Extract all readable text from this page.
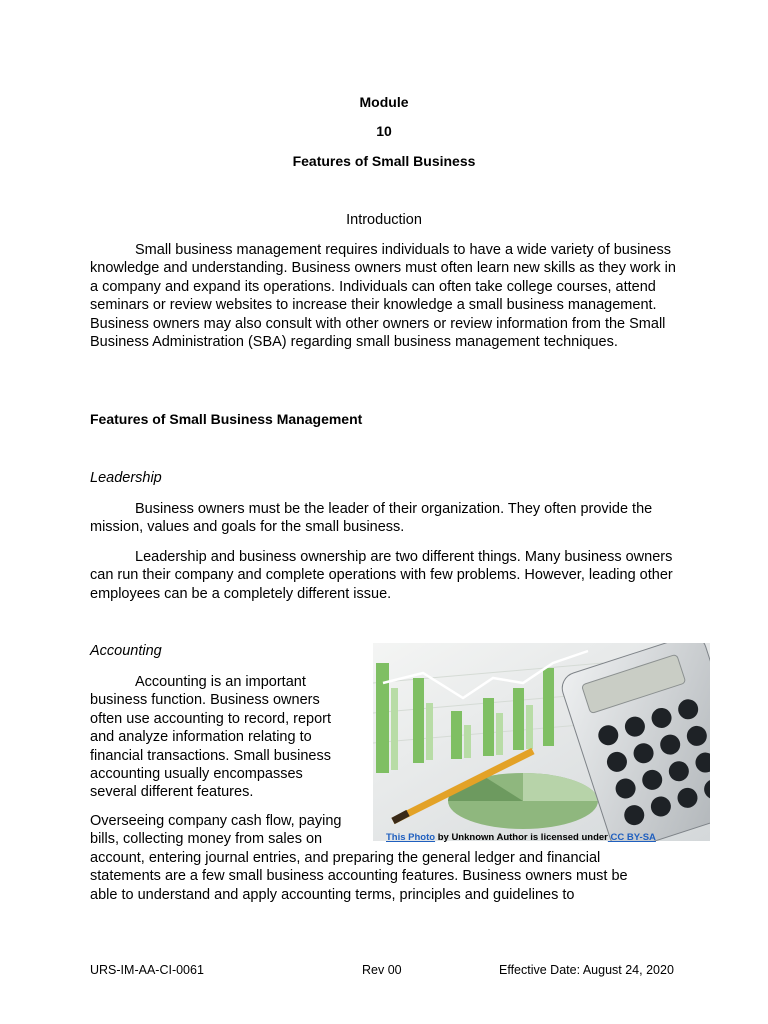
Module
10
Features of Small Business
Introduction
Small business management requires individuals to have a wide variety of business knowledge and understanding. Business owners must often learn new skills as they work in a company and expand its operations. Individuals can often take college courses, attend seminars or review websites to increase their knowledge a small business management. Business owners may also consult with other owners or review information from the Small Business Administration (SBA) regarding small business management techniques.
Features of Small Business Management
Leadership
Business owners must be the leader of their organization. They often provide the mission, values and goals for the small business.
Leadership and business ownership are two different things. Many business owners can run their company and complete operations with few problems. However, leading other employees can be a completely different issue.
Accounting
Accounting is an important business function. Business owners often use accounting to record, report and analyze information relating to financial transactions. Small business accounting usually encompasses several different features.
Overseeing company cash flow, paying bills, collecting money from sales on
account, entering journal entries, and preparing the general ledger and financial statements are a few small business accounting features. Business owners must be able to understand and apply accounting terms, principles and guidelines to
This Photo by Unknown Author is licensed under CC BY-SA
URS-IM-AA-CI-0061	Rev 00	Effective Date: August 24, 2020
